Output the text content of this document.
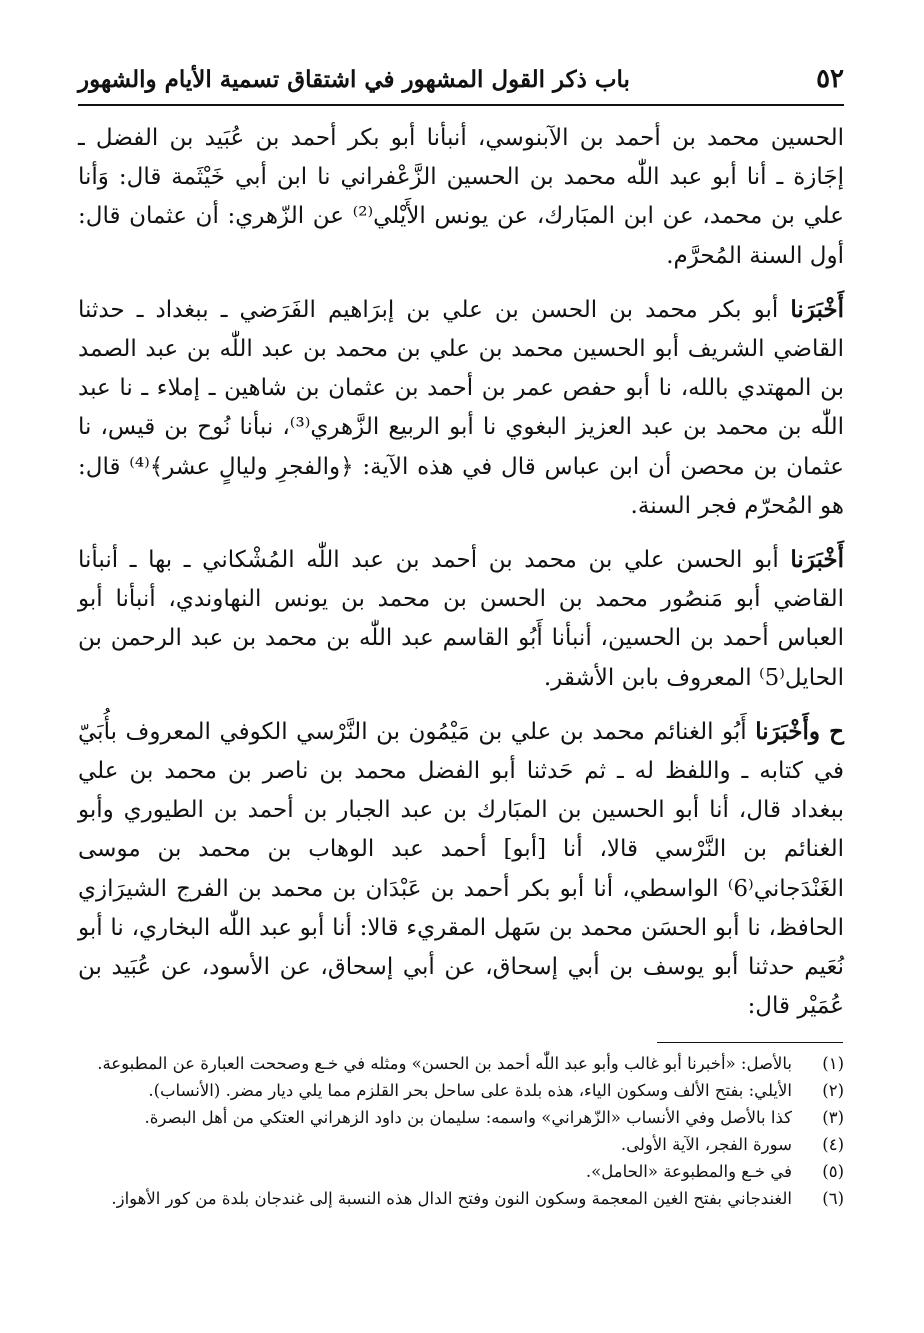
٥٢
باب ذكر القول المشهور في اشتقاق تسمية الأيام والشهور

الحسين محمد بن أحمد بن الآبنوسي، أنبأنا أبو بكر أحمد بن عُبَيد بن الفضل ـ إجَازة ـ أنا أبو عبد اللّٰه محمد بن الحسين الزَّعْفراني نا ابن أبي خَيْثَمة قال: وَأنا علي بن محمد، عن ابن المبَارك، عن يونس الأَيْلي⁽²⁾ عن الزّهري: أن عثمان قال: أول السنة المُحرَّم.

أَخْبَرَنا أبو بكر محمد بن الحسن بن علي بن إبرَاهيم الفَرَضي ـ ببغداد ـ حدثنا القاضي الشريف أبو الحسين محمد بن علي بن محمد بن عبد اللّٰه بن عبد الصمد بن المهتدي بالله، نا أبو حفص عمر بن أحمد بن عثمان بن شاهين ـ إملاء ـ نا عبد اللّٰه بن محمد بن عبد العزيز البغوي نا أبو الربيع الزَّهري⁽³⁾، نبأنا نُوح بن قيس، نا عثمان بن محصن أن ابن عباس قال في هذه الآية: ﴿والفجرِ وليالٍ عشر﴾⁽⁴⁾ قال: هو المُحرّم فجر السنة.

أَخْبَرَنا أبو الحسن علي بن محمد بن أحمد بن عبد اللّٰه المُشْكاني ـ بها ـ أنبأنا القاضي أبو مَنصُور محمد بن الحسن بن محمد بن يونس النهاوندي، أنبأنا أبو العباس أحمد بن الحسين، أنبأنا أَبُو القاسم عبد اللّٰه بن محمد بن عبد الرحمن بن الحايل⁽5⁾ المعروف بابن الأشقر.

ح وأَخْبَرَنا أَبُو الغنائم محمد بن علي بن مَيْمُون بن النَّرْسي الكوفي المعروف بأُبَيّ في كتابه ـ واللفظ له ـ ثم حَدثنا أبو الفضل محمد بن ناصر بن محمد بن علي ببغداد قال، أنا أبو الحسين بن المبَارك بن عبد الجبار بن أحمد بن الطيوري وأبو الغنائم بن النَّرْسي قالا، أنا [أبو] أحمد عبد الوهاب بن محمد بن موسى الغَنْدَجاني⁽6⁾ الواسطي، أنا أبو بكر أحمد بن عَبْدَان بن محمد بن الفرج الشيرَازي الحافظ، نا أبو الحسَن محمد بن سَهل المقريء قالا: أنا أبو عبد اللّٰه البخاري، نا أبو نُعَيم حدثنا أبو يوسف بن أبي إسحاق، عن أبي إسحاق، عن الأسود، عن عُبَيد بن عُمَيْر قال:

(١)
بالأصل: «أخبرنا أبو غالب وأبو عبد اللّٰه أحمد بن الحسن» ومثله في خـع وصححت العبارة عن المطبوعة.
(٢)
الأيلي: بفتح الألف وسكون الياء، هذه بلدة على ساحل بحر القلزم مما يلي ديار مضر. (الأنساب).
(٣)
كذا بالأصل وفي الأنساب «الزّهراني» واسمه: سليمان بن داود الزهراني العتكي من أهل البصرة.
(٤)
سورة الفجر، الآية الأولى.
(٥)
في خـع والمطبوعة «الحامل».
(٦)
الغندجاني بفتح الغين المعجمة وسكون النون وفتح الدال هذه النسبة إلى غندجان بلدة من كور الأهواز.
